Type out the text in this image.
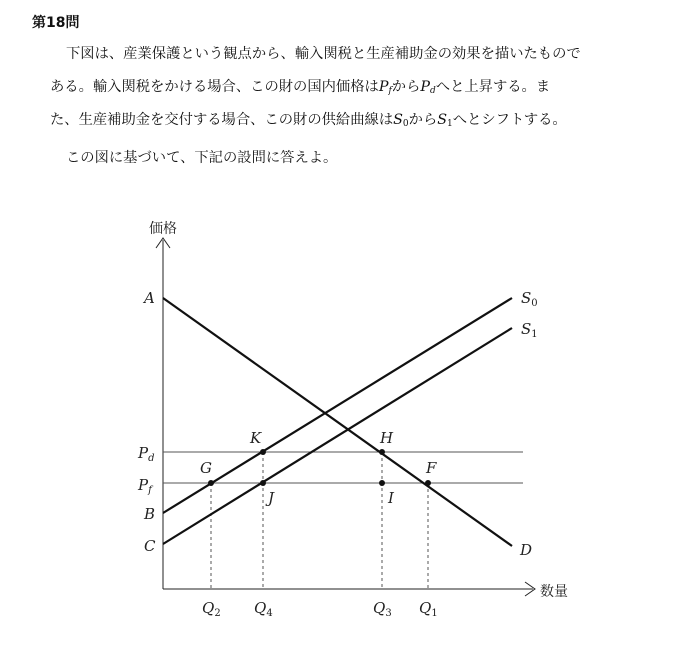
第18問
下図は、産業保護という観点から、輸入関税と生産補助金の効果を描いたもので
ある。輸入関税をかける場合、この財の国内価格は$P_f$から$P_d$へと上昇する。ま
た、生産補助金を交付する場合、この財の供給曲線は$S_0$から$S_1$へとシフトする。
この図に基づいて、下記の設問に答えよ。
価格
数量
A
B
C
$P_d$
$P_f$
$S_0$
$S_1$
D
G
K
J
H
I
F
$Q_2$ $Q_4$	$Q_3$ $Q_1$
